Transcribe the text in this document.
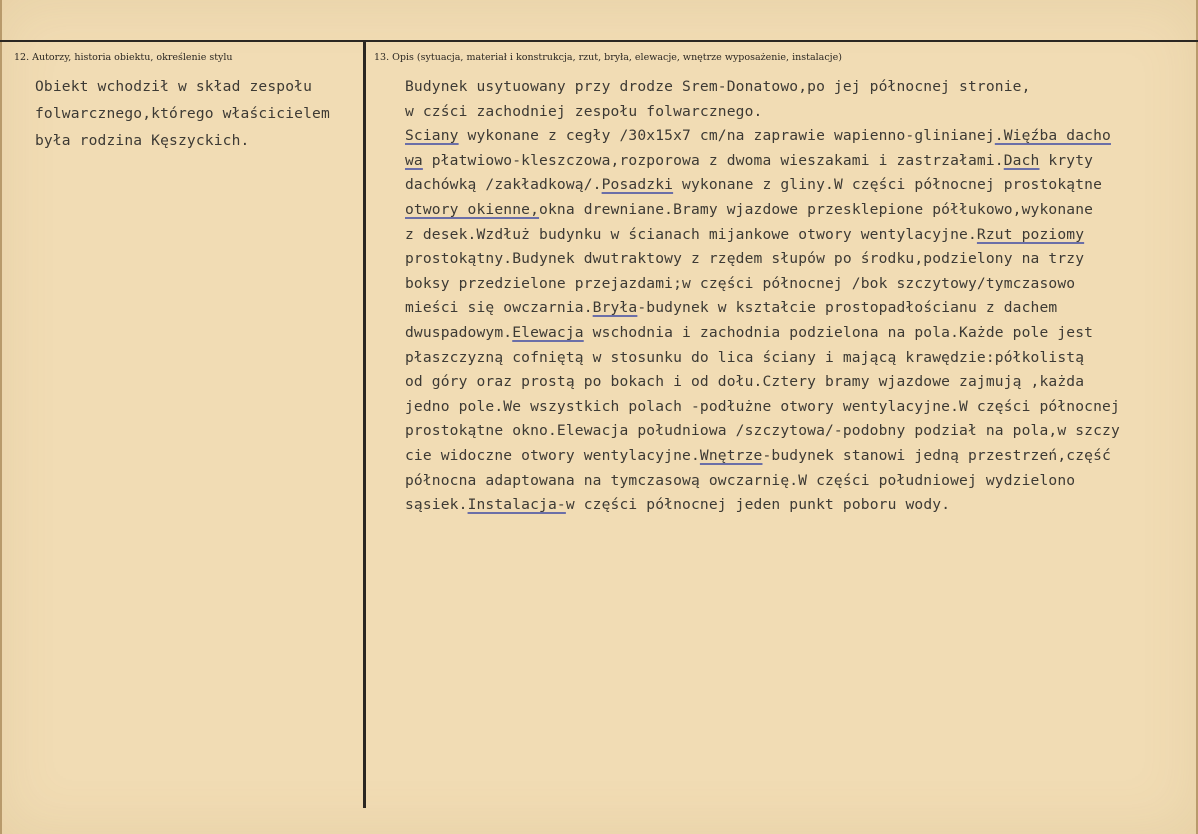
12. Autorzy, historia obiektu, określenie stylu	13. Opis (sytuacja, materiał i konstrukcja, rzut, bryła, elewacje, wnętrze wyposażenie, instalacje)
Obiekt wchodził w skład zespołu
folwarcznego,którego właścicielem
była rodzina Kęszyckich.
Budynek usytuowany przy drodze Srem-Donatowo,po jej północnej stronie,
w czści zachodniej zespołu folwarcznego.
Sciany wykonane z cegły /30x15x7 cm/na zaprawie wapienno-glinianej.Więźba dacho
wa płatwiowo-kleszczowa,rozporowa z dwoma wieszakami i zastrzałami.Dach kryty
dachówką /zakładkową/.Posadzki wykonane z gliny.W części północnej prostokątne
otwory okienne,okna drewniane.Bramy wjazdowe przesklepione półłukowo,wykonane
z desek.Wzdłuż budynku w ścianach mijankowe otwory wentylacyjne.Rzut poziomy
prostokątny.Budynek dwutraktowy z rzędem słupów po środku,podzielony na trzy
boksy przedzielone przejazdami;w części północnej /bok szczytowy/tymczasowo
mieści się owczarnia.Bryła-budynek w kształcie prostopadłościanu z dachem
dwuspadowym.Elewacja wschodnia i zachodnia podzielona na pola.Każde pole jest
płaszczyzną cofniętą w stosunku do lica ściany i mającą krawędzie:półkolistą
od góry oraz prostą po bokach i od dołu.Cztery bramy wjazdowe zajmują ,każda
jedno pole.We wszystkich polach -podłużne otwory wentylacyjne.W części północnej
prostokątne okno.Elewacja południowa /szczytowa/-podobny podział na pola,w szczy
cie widoczne otwory wentylacyjne.Wnętrze-budynek stanowi jedną przestrzeń,część
północna adaptowana na tymczasową owczarnię.W części południowej wydzielono
sąsiek.Instalacja-w części północnej jeden punkt poboru wody.
